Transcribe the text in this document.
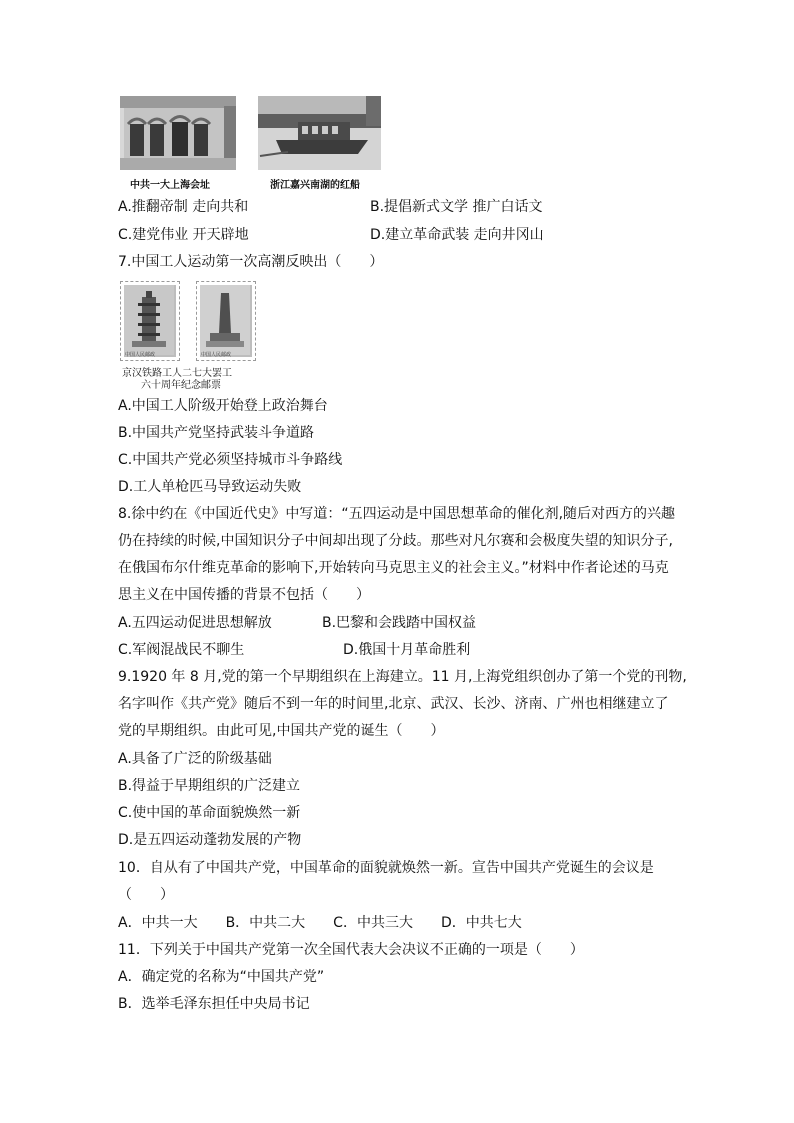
中共一大上海会址	浙江嘉兴南湖的红船
A.推翻帝制 走向共和	B.提倡新式文学 推广白话文
C.建党伟业 开天辟地	D.建立革命武装 走向井冈山
7.中国工人运动第一次高潮反映出（　　）
中国人民邮政	中国人民邮政
京汉铁路工人二七大罢工
六十周年纪念邮票
A.中国工人阶级开始登上政治舞台
B.中国共产党坚持武装斗争道路
C.中国共产党必须坚持城市斗争路线
D.工人单枪匹马导致运动失败
8.徐中约在《中国近代史》中写道：“五四运动是中国思想革命的催化剂,随后对西方的兴趣
仍在持续的时候,中国知识分子中间却出现了分歧。那些对凡尔赛和会极度失望的知识分子,
在俄国布尔什维克革命的影响下,开始转向马克思主义的社会主义。”材料中作者论述的马克
思主义在中国传播的背景不包括（　　）
A.五四运动促进思想解放	B.巴黎和会践踏中国权益
C.军阀混战民不聊生	D.俄国十月革命胜利
9.1920 年 8 月,党的第一个早期组织在上海建立。11 月,上海党组织创办了第一个党的刊物,
名字叫作《共产党》随后不到一年的时间里,北京、武汉、长沙、济南、广州也相继建立了
党的早期组织。由此可见,中国共产党的诞生（　　）
A.具备了广泛的阶级基础
B.得益于早期组织的广泛建立
C.使中国的革命面貌焕然一新
D.是五四运动蓬勃发展的产物
10．自从有了中国共产党，中国革命的面貌就焕然一新。宣告中国共产党诞生的会议是
（　　）
A．中共一大　　B．中共二大　　C．中共三大　　D．中共七大
11．下列关于中国共产党第一次全国代表大会决议不正确的一项是（　　）
A．确定党的名称为“中国共产党”
B．选举毛泽东担任中央局书记
